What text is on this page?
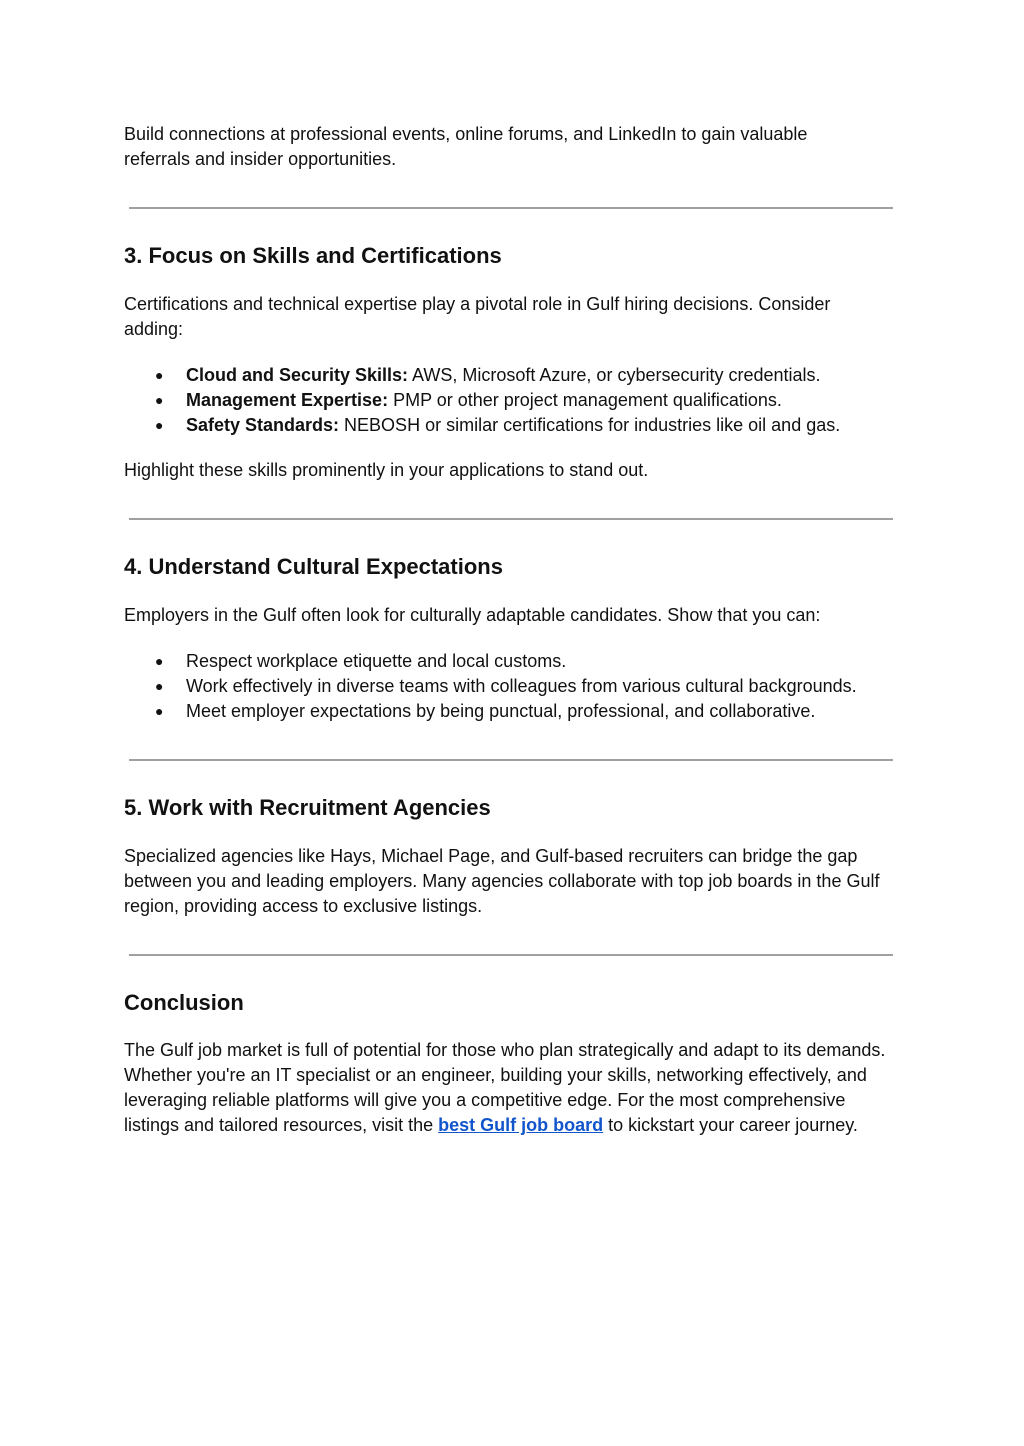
Build connections at professional events, online forums, and LinkedIn to gain valuable referrals and insider opportunities.

3. Focus on Skills and Certifications

Certifications and technical expertise play a pivotal role in Gulf hiring decisions. Consider adding:

● Cloud and Security Skills: AWS, Microsoft Azure, or cybersecurity credentials.
● Management Expertise: PMP or other project management qualifications.
● Safety Standards: NEBOSH or similar certifications for industries like oil and gas.

Highlight these skills prominently in your applications to stand out.

4. Understand Cultural Expectations

Employers in the Gulf often look for culturally adaptable candidates. Show that you can:

● Respect workplace etiquette and local customs.
● Work effectively in diverse teams with colleagues from various cultural backgrounds.
● Meet employer expectations by being punctual, professional, and collaborative.
5. Work with Recruitment Agencies

Specialized agencies like Hays, Michael Page, and Gulf-based recruiters can bridge the gap between you and leading employers. Many agencies collaborate with top job boards in the Gulf region, providing access to exclusive listings.

Conclusion

The Gulf job market is full of potential for those who plan strategically and adapt to its demands. Whether you're an IT specialist or an engineer, building your skills, networking effectively, and leveraging reliable platforms will give you a competitive edge. For the most comprehensive listings and tailored resources, visit the best Gulf job board to kickstart your career journey.
